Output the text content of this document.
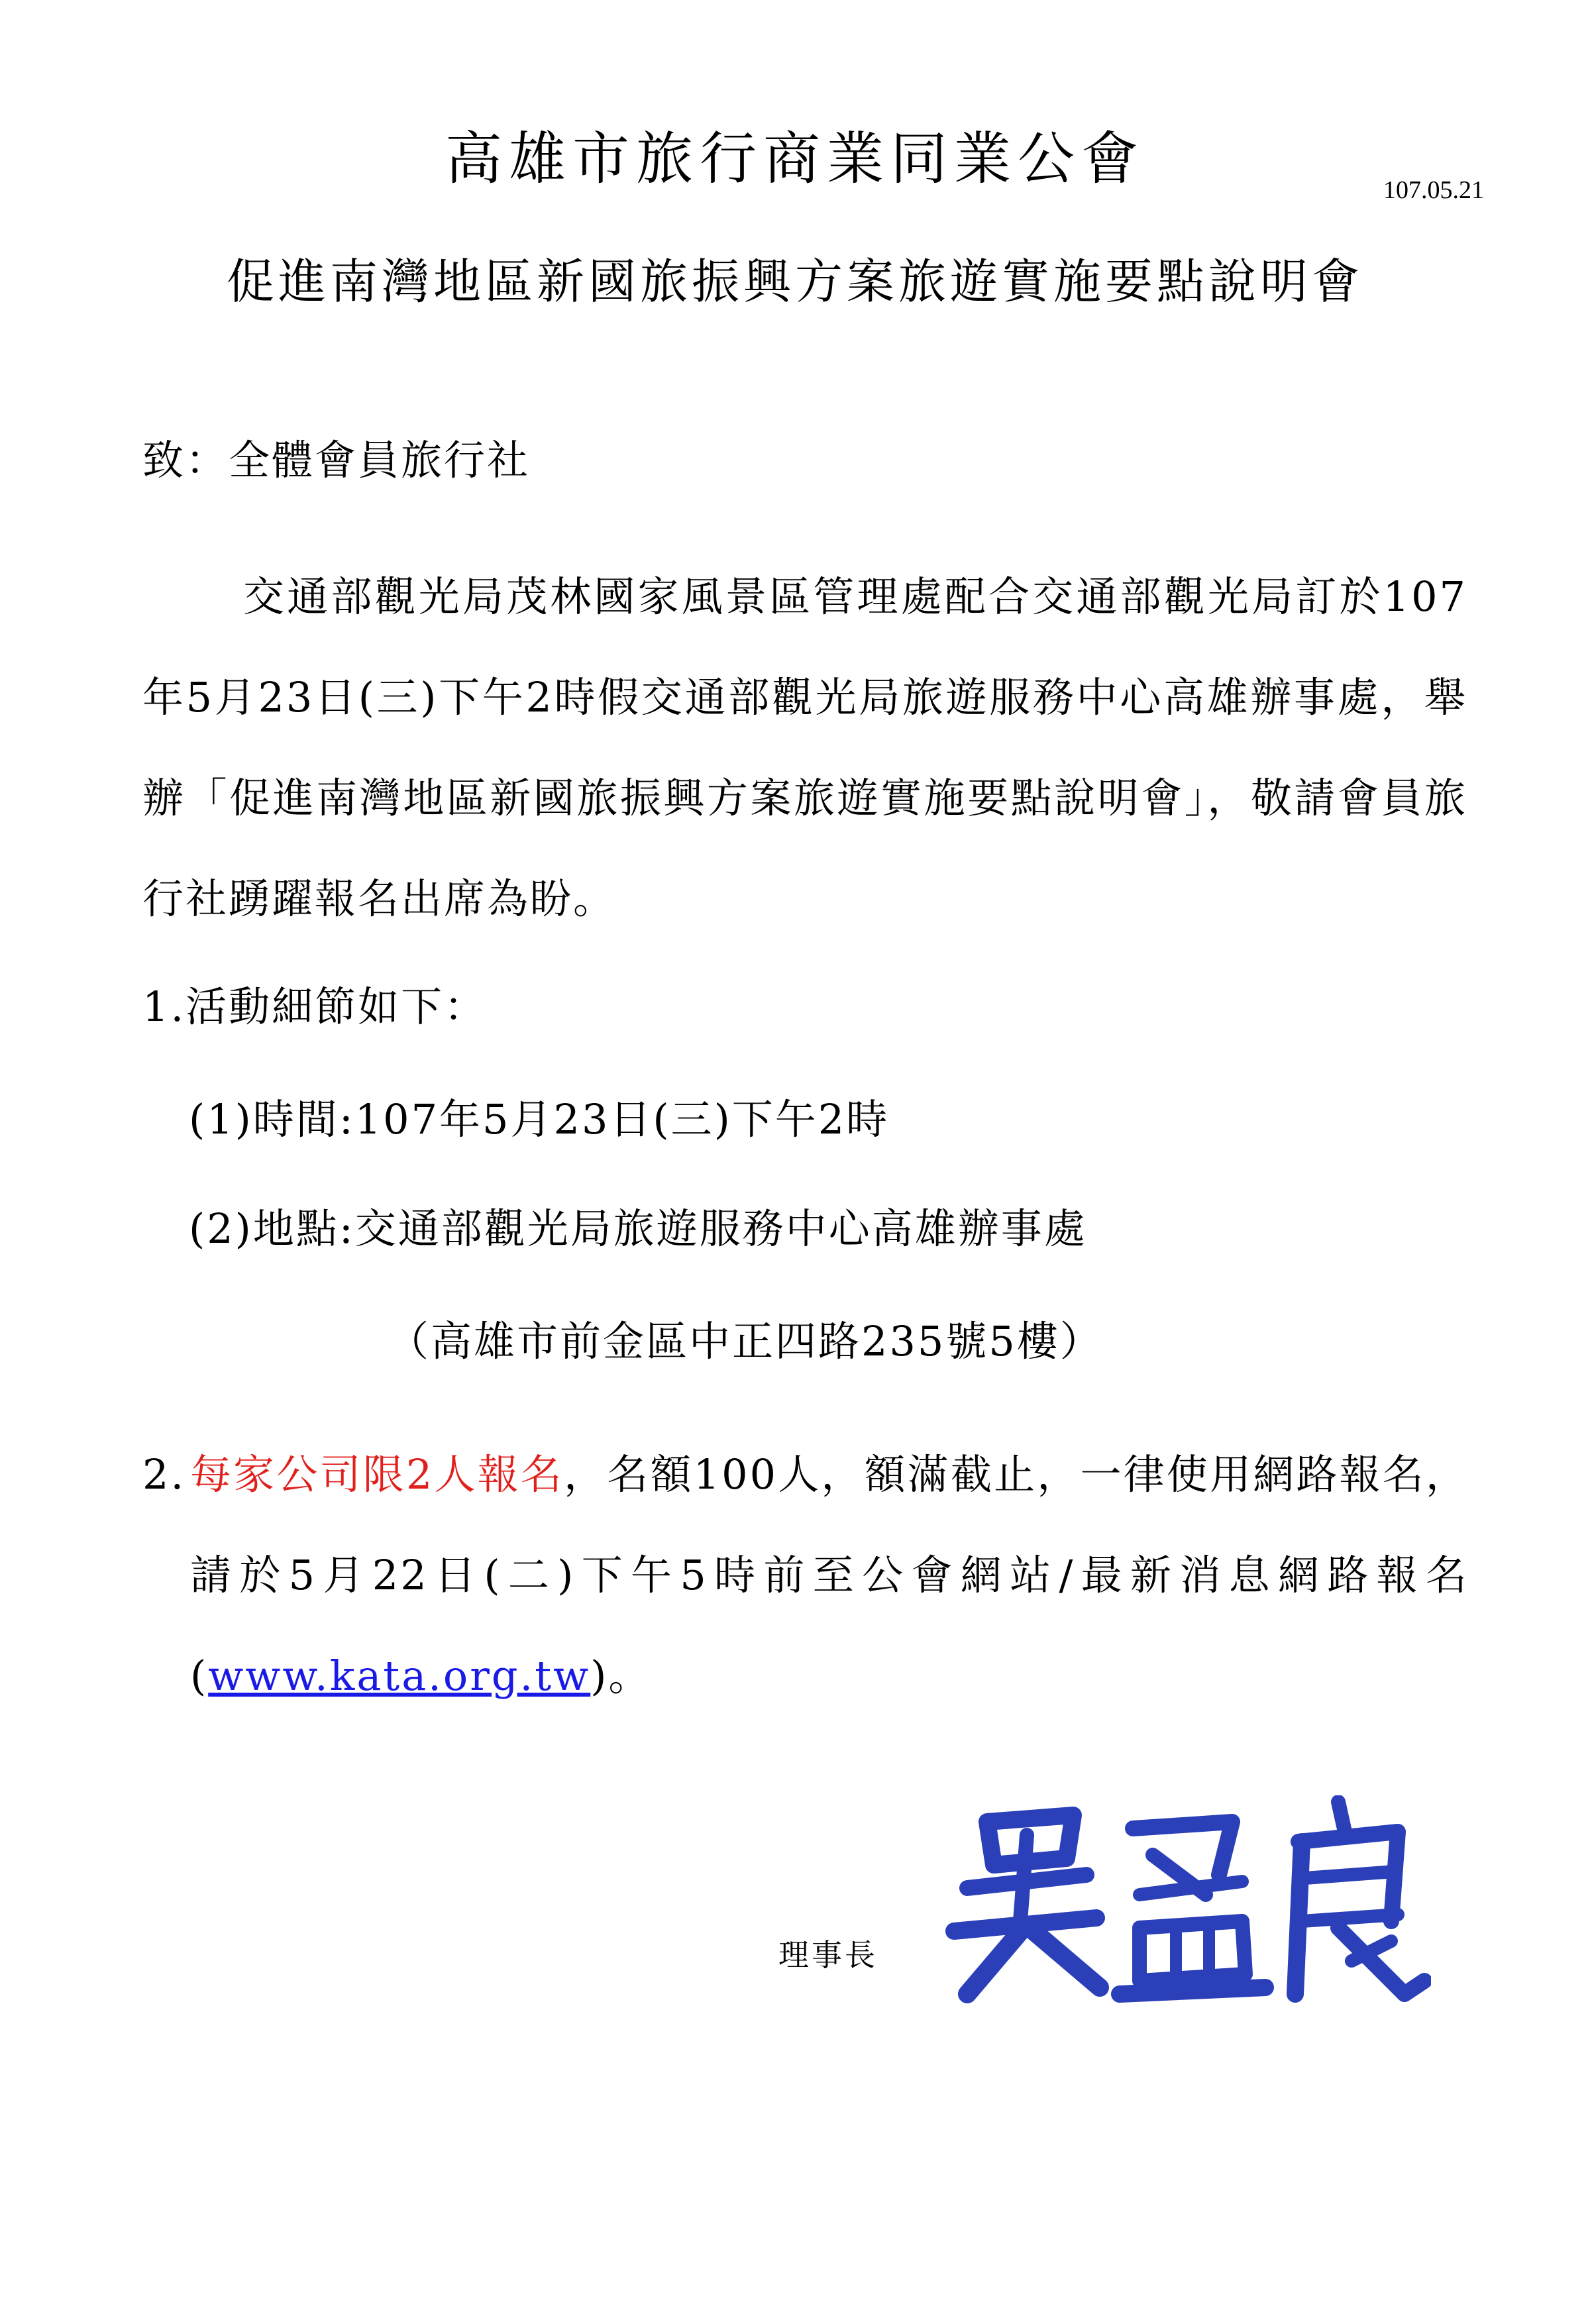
高雄市旅行商業同業公會	107.05.21
促進南灣地區新國旅振興方案旅遊實施要點說明會
致：全體會員旅行社
交通部觀光局茂林國家風景區管理處配合交通部觀光局訂於107年5月23日(三)下午2時假交通部觀光局旅遊服務中心高雄辦事處，舉辦「促進南灣地區新國旅振興方案旅遊實施要點說明會」，敬請會員旅行社踴躍報名出席為盼。
1.活動細節如下：
(1)時間:107年5月23日(三)下午2時
(2)地點:交通部觀光局旅遊服務中心高雄辦事處
（高雄市前金區中正四路235號5樓）
2. 每家公司限2人報名，名額100人，額滿截止，一律使用網路報名，請於5月22日(二)下午5時前至公會網站/最新消息網路報名(www.kata.org.tw)。
理事長
